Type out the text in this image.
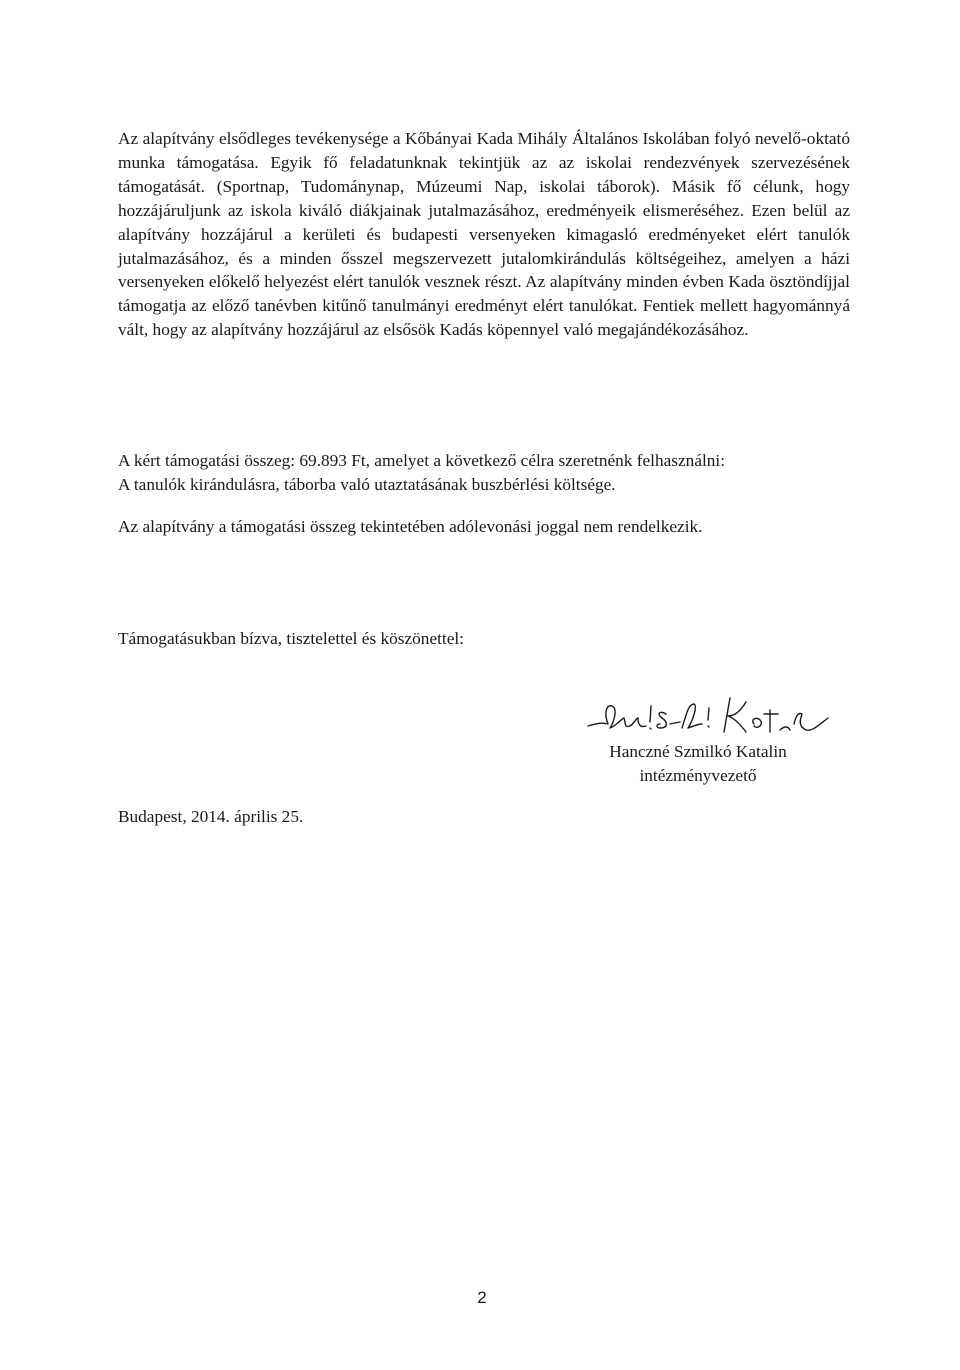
Az alapítvány elsődleges tevékenysége a Kőbányai Kada Mihály Általános Iskolában folyó nevelő-oktató munka támogatása. Egyik fő feladatunknak tekintjük az az iskolai rendezvények szervezésének támogatását. (Sportnap, Tudománynap, Múzeumi Nap, iskolai táborok). Másik fő célunk, hogy hozzájáruljunk az iskola kiváló diákjainak jutalmazásához, eredményeik elismeréséhez. Ezen belül az alapítvány hozzájárul a kerületi és budapesti versenyeken kimagasló eredményeket elért tanulók jutalmazásához, és a minden ősszel megszervezett jutalomkirándulás költségeihez, amelyen a házi versenyeken előkelő helyezést elért tanulók vesznek részt. Az alapítvány minden évben Kada ösztöndíjjal támogatja az előző tanévben kitűnő tanulmányi eredményt elért tanulókat. Fentiek mellett hagyománnyá vált, hogy az alapítvány hozzájárul az elsősök Kadás köpennyel való megajándékozásához.

A kért támogatási összeg: 69.893 Ft, amelyet a következő célra szeretnénk felhasználni:

A tanulók kirándulásra, táborba való utaztatásának buszbérlési költsége.

Az alapítvány a támogatási összeg tekintetében adólevonási joggal nem rendelkezik.

Támogatásukban bízva, tisztelettel és köszönettel:

Hanczné Szmilkó Katalin
intézményvezető

Budapest, 2014. április 25.

2
